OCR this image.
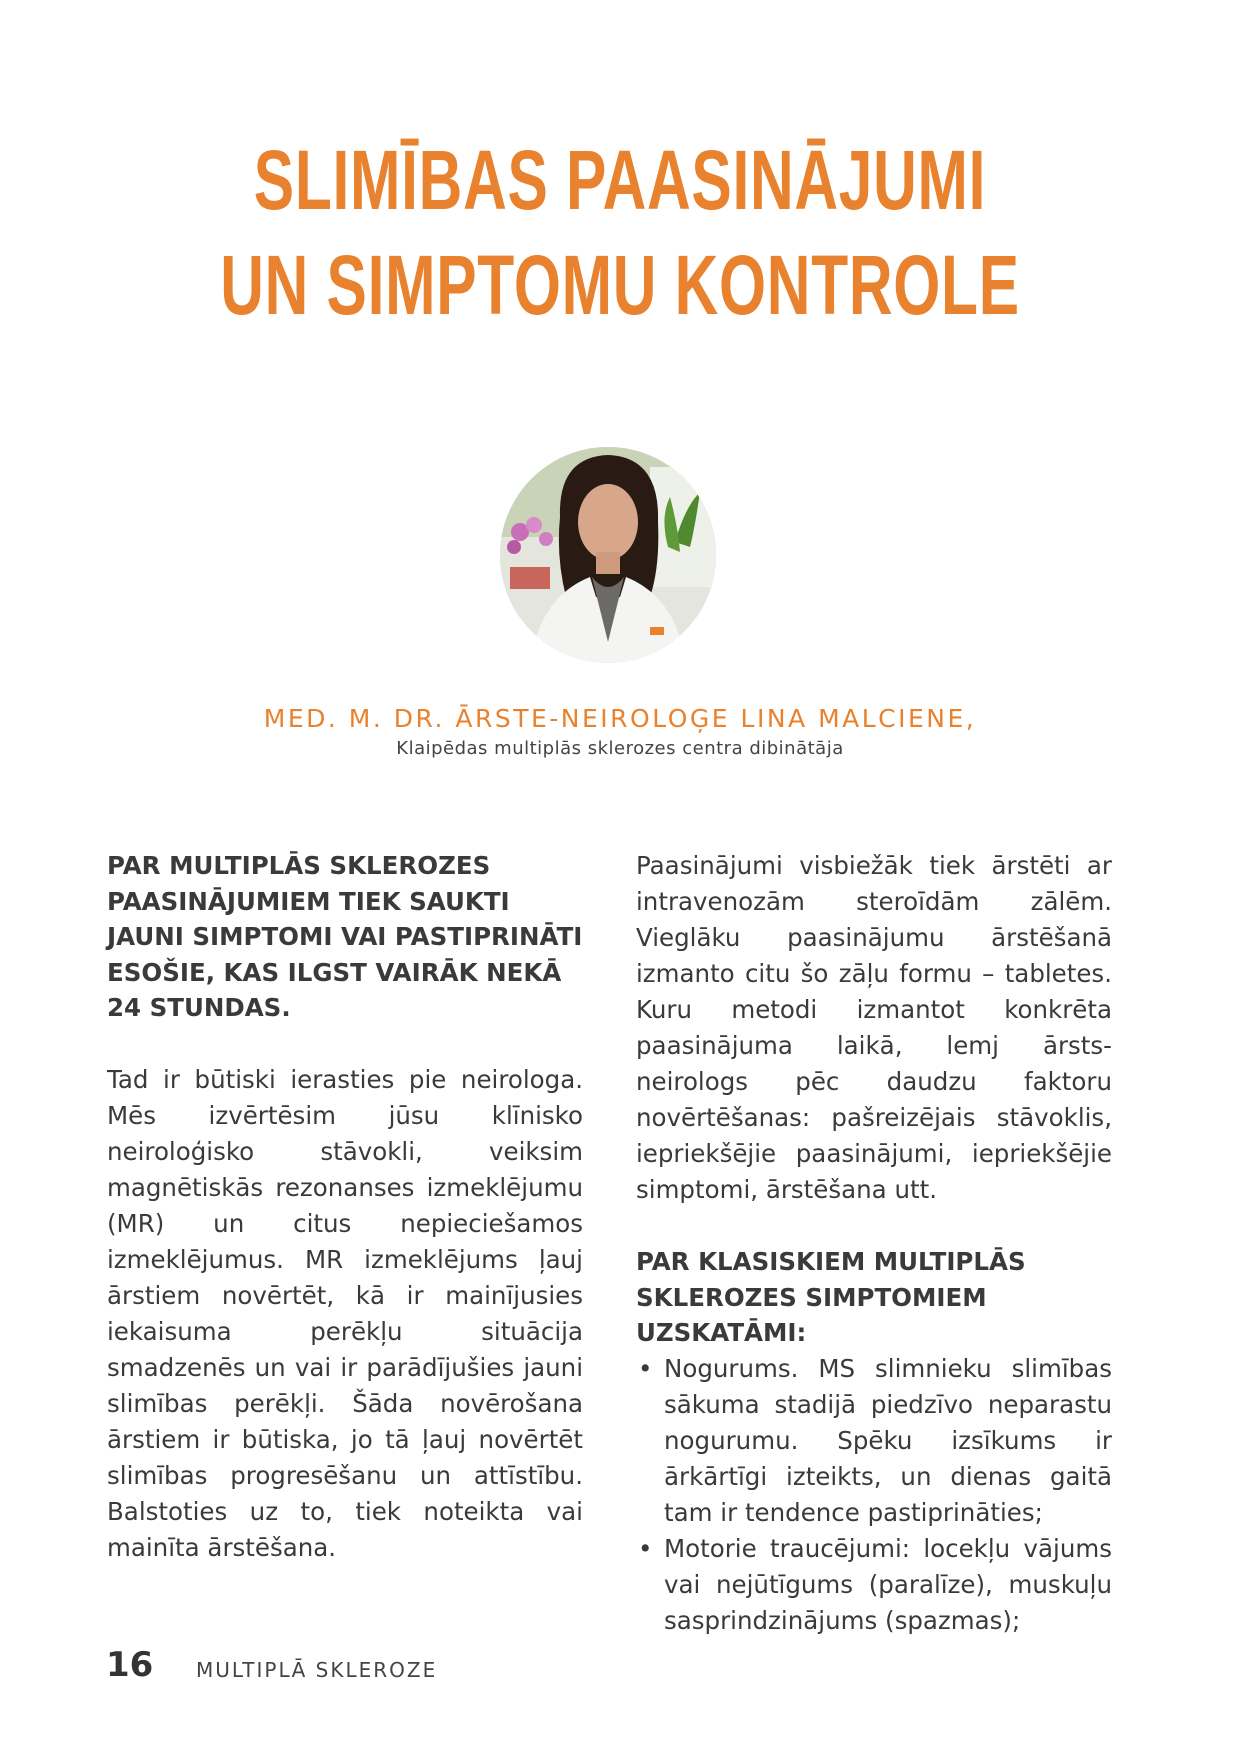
SLIMĪBAS PAASINĀJUMI
UN SIMPTOMU KONTROLE
MED. M. DR. ĀRSTE-NEIROLOĢE LINA MALCIENE,
Klaipēdas multiplās sklerozes centra dibinātāja

PAR MULTIPLĀS SKLEROZES PAASINĀJUMIEM TIEK SAUKTI JAUNI SIMPTOMI VAI PASTIPRINĀTI ESOŠIE, KAS ILGST VAIRĀK NEKĀ 24 STUNDAS.

Tad ir būtiski ierasties pie neirologa. Mēs izvērtēsim jūsu klīnisko neiroloģisko stāvokli, veiksim magnētiskās rezonanses izmeklējumu (MR) un citus nepieciešamos izmeklējumus. MR izmeklējums ļauj ārstiem novērtēt, kā ir mainījusies iekaisuma perēkļu situācija smadzenēs un vai ir parādījušies jauni slimības perēkļi. Šāda novērošana ārstiem ir būtiska, jo tā ļauj novērtēt slimības progresēšanu un attīstību. Balstoties uz to, tiek noteikta vai mainīta ārstēšana.

Paasinājumi visbiežāk tiek ārstēti ar intravenozām steroīdām zālēm. Vieglāku paasinājumu ārstēšanā izmanto citu šo zāļu formu – tabletes. Kuru metodi izmantot konkrēta paasinājuma laikā, lemj ārsts-neirologs pēc daudzu faktoru novērtēšanas: pašreizējais stāvoklis, iepriekšējie paasinājumi, iepriekšējie simptomi, ārstēšana utt.

PAR KLASISKIEM MULTIPLĀS SKLEROZES SIMPTOMIEM UZSKATĀMI:

• Nogurums. MS slimnieku slimības sākuma stadijā piedzīvo neparastu nogurumu. Spēku izsīkums ir ārkārtīgi izteikts, un dienas gaitā tam ir tendence pastiprināties;
• Motorie traucējumi: locekļu vājums vai nejūtīgums (paralīze), muskuļu sasprindzinājums (spazmas);
16 MULTIPLĀ SKLEROZE
